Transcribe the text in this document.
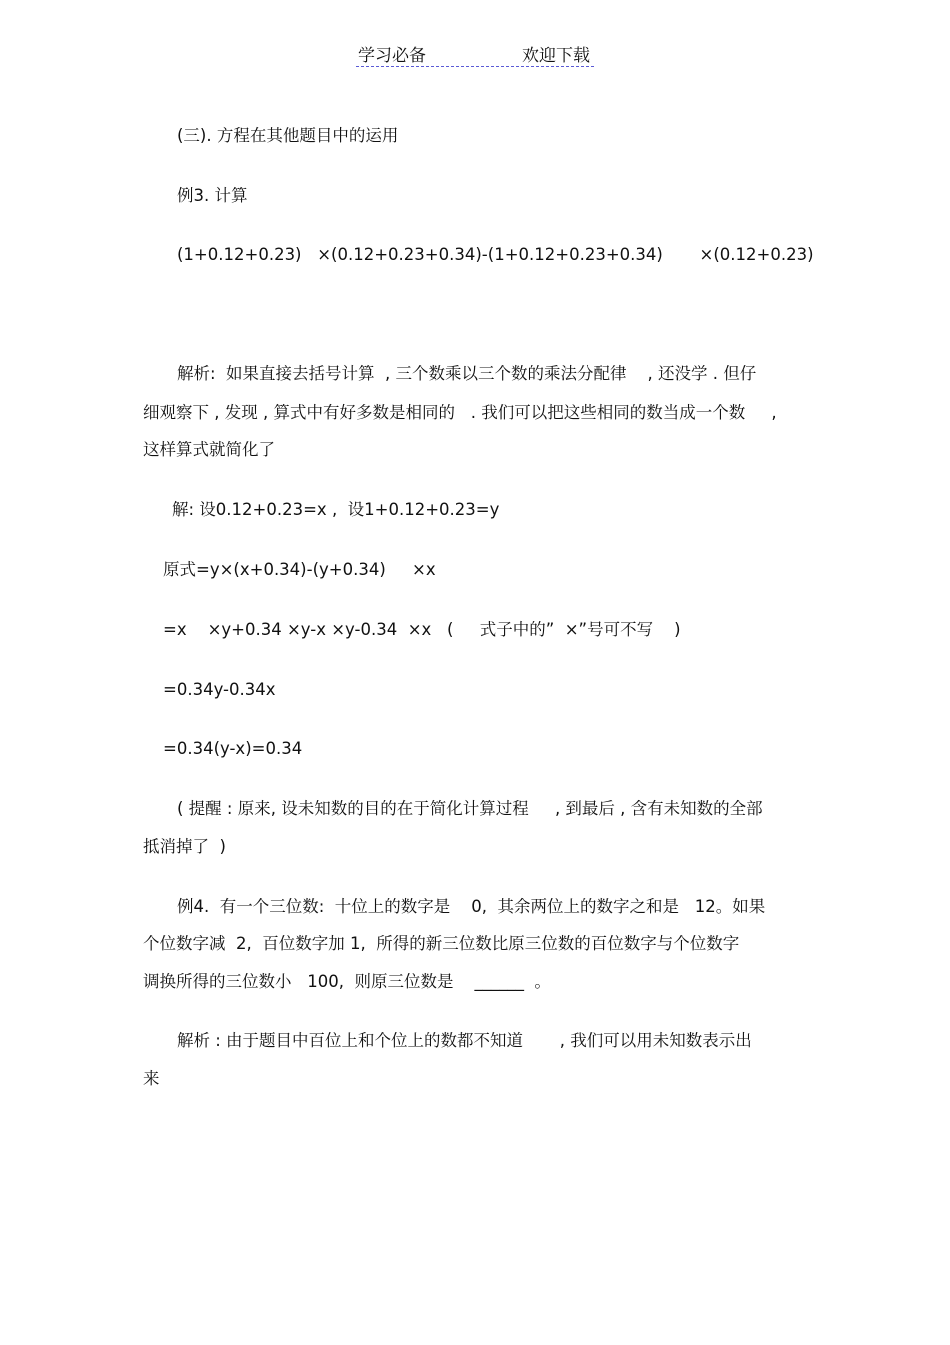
学习必备	欢迎下载
(三). 方程在其他题目中的运用
例3. 计算
(1+0.12+0.23)   ×(0.12+0.23+0.34)-(1+0.12+0.23+0.34)       ×(0.12+0.23)
解析:  如果直接去括号计算  , 三个数乘以三个数的乘法分配律    , 还没学 . 但仔
细观察下 , 发现 , 算式中有好多数是相同的   . 我们可以把这些相同的数当成一个数     ,
这样算式就简化了
解: 设0.12+0.23=x ,  设1+0.12+0.23=y
原式=y×(x+0.34)-(y+0.34)     ×x
=x    ×y+0.34 ×y-x ×y-0.34  ×x   (     式子中的”  ×”号可不写    )
=0.34y-0.34x
=0.34(y-x)=0.34
( 提醒 : 原来, 设未知数的目的在于简化计算过程     , 到最后 , 含有未知数的全部
抵消掉了  )
例4.  有一个三位数:  十位上的数字是    0,  其余两位上的数字之和是   12。如果
个位数字减  2,  百位数字加 1,  所得的新三位数比原三位数的百位数字与个位数字
调换所得的三位数小   100,  则原三位数是    ______  。
解析 : 由于题目中百位上和个位上的数都不知道       , 我们可以用未知数表示出
来
